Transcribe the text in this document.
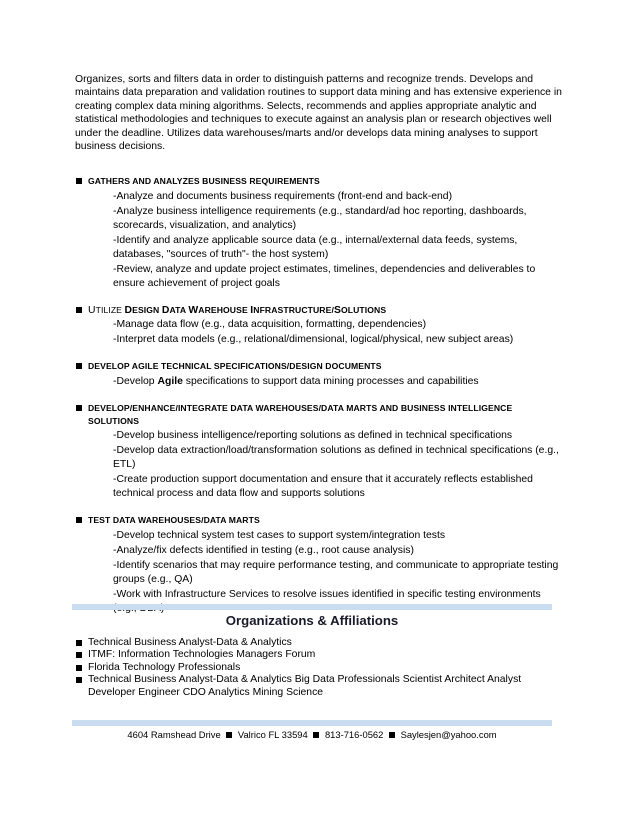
Organizes, sorts and filters data in order to distinguish patterns and recognize trends. Develops and maintains data preparation and validation routines to support data mining and has extensive experience in creating complex data mining algorithms. Selects, recommends and applies appropriate analytic and statistical methodologies and techniques to execute against an analysis plan or research objectives well under the deadline. Utilizes data warehouses/marts and/or develops data mining analyses to support business decisions.

GATHERS AND ANALYZES BUSINESS REQUIREMENTS
-Analyze and documents business requirements (front-end and back-end)
-Analyze business intelligence requirements (e.g., standard/ad hoc reporting, dashboards, scorecards, visualization, and analytics)
-Identify and analyze applicable source data (e.g., internal/external data feeds, systems, databases, "sources of truth"- the host system)
-Review, analyze and update project estimates, timelines, dependencies and deliverables to ensure achievement of project goals
UTILIZE DESIGN DATA WAREHOUSE INFRASTRUCTURE/SOLUTIONS
-Manage data flow (e.g., data acquisition, formatting, dependencies)
-Interpret data models (e.g., relational/dimensional, logical/physical, new subject areas)
DEVELOP AGILE TECHNICAL SPECIFICATIONS/DESIGN DOCUMENTS
-Develop Agile specifications to support data mining processes and capabilities
DEVELOP/ENHANCE/INTEGRATE DATA WAREHOUSES/DATA MARTS AND BUSINESS INTELLIGENCE SOLUTIONS
-Develop business intelligence/reporting solutions as defined in technical specifications
-Develop data extraction/load/transformation solutions as defined in technical specifications (e.g., ETL)
-Create production support documentation and ensure that it accurately reflects established technical process and data flow and supports solutions
TEST DATA WAREHOUSES/DATA MARTS
-Develop technical system test cases to support system/integration tests
-Analyze/fix defects identified in testing (e.g., root cause analysis)
-Identify scenarios that may require performance testing, and communicate to appropriate testing groups (e.g., QA)
-Work with Infrastructure Services to resolve issues identified in specific testing environments
Organizations & Affiliations
Technical Business Analyst-Data & Analytics
ITMF: Information Technologies Managers Forum
Florida Technology Professionals
Technical Business Analyst-Data & Analytics Big Data Professionals Scientist Architect Analyst Developer Engineer CDO Analytics Mining Science
4604 Ramshead Drive Valrico FL 33594 813-716-0562 Saylesjen@yahoo.com
